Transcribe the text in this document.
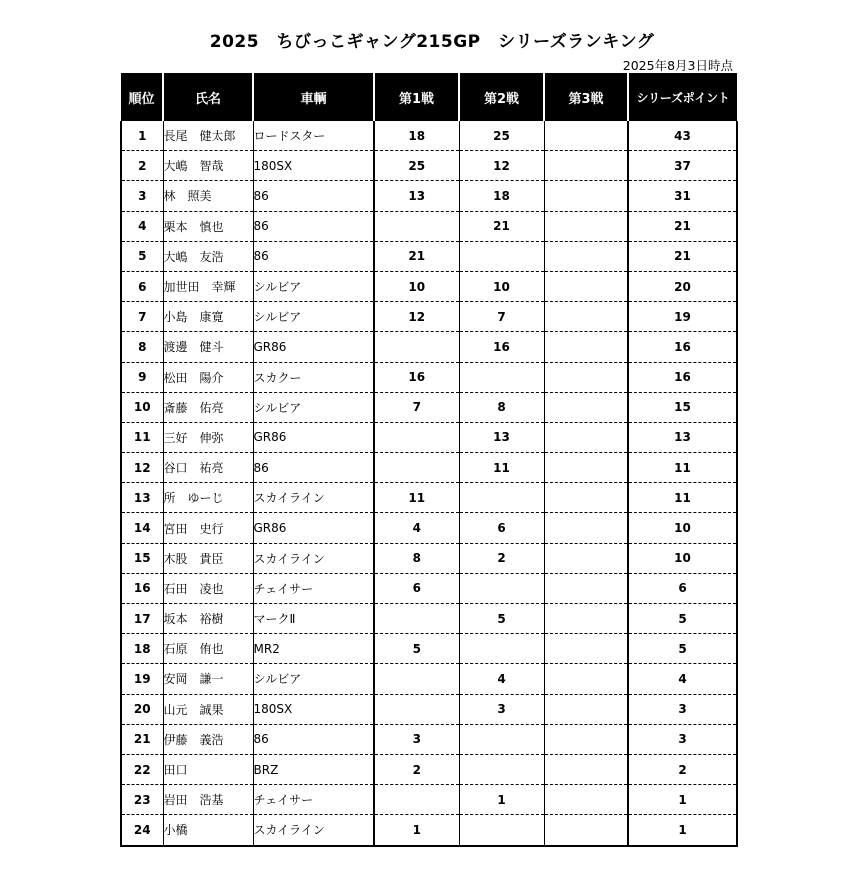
2025　ちびっこギャング215GP　シリーズランキング
2025年8月3日時点
順位	氏名	車輌	第1戦	第2戦	第3戦	シリーズポイント
1	長尾　健太郎	ロードスター	18	25		43
2	大嶋　智哉	180SX	25	12		37
3	林　照美	86	13	18		31
4	栗本　慎也	86		21		21
5	大嶋　友浩	86	21			21
6	加世田　幸輝	シルビア	10	10		20
7	小島　康寛	シルビア	12	7		19
8	渡邊　健斗	GR86		16		16
9	松田　陽介	スカクー	16			16
10	斎藤　佑亮	シルビア	7	8		15
11	三好　伸弥	GR86		13		13
12	谷口　祐亮	86		11		11
13	所　ゆーじ	スカイライン	11			11
14	宮田　史行	GR86	4	6		10
15	木股　貴臣	スカイライン	8	2		10
16	石田　凌也	チェイサー	6			6
17	坂本　裕樹	マークⅡ		5		5
18	石原　侑也	MR2	5			5
19	安岡　謙一	シルビア		4		4
20	山元　誠果	180SX		3		3
21	伊藤　義浩	86	3			3
22	田口	BRZ	2			2
23	岩田　浩基	チェイサー		1		1
24	小橋	スカイライン	1			1
